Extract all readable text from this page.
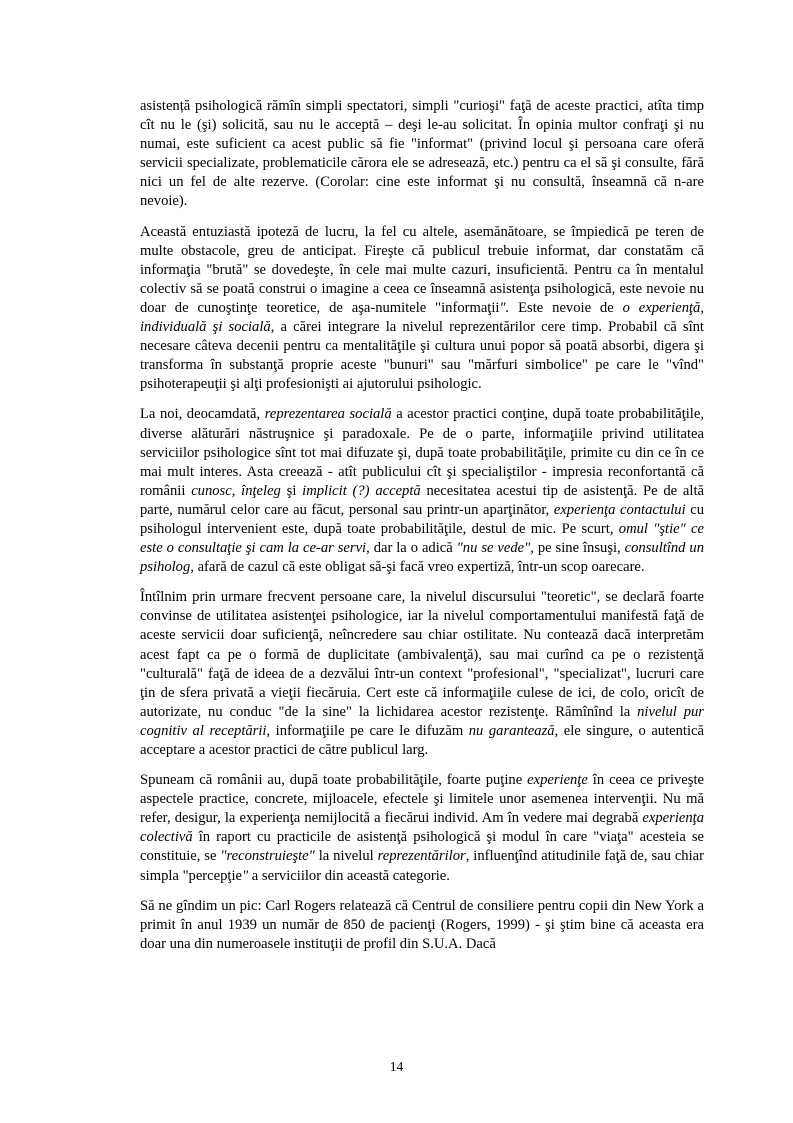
asistență psihologică rămîn simpli spectatori, simpli "curioşi" faţă de aceste practici, atîta timp cît nu le (şi) solicită, sau nu le acceptă – deşi le-au solicitat. În opinia multor confraţi şi nu numai, este suficient ca acest public să fie "informat" (privind locul şi persoana care oferă servicii specializate, problematicile cărora ele se adresează, etc.) pentru ca el să şi consulte, fără nici un fel de alte rezerve. (Corolar: cine este informat şi nu consultă, înseamnă că n-are nevoie).

Această entuziastă ipoteză de lucru, la fel cu altele, asemănătoare, se împiedică pe teren de multe obstacole, greu de anticipat. Fireşte că publicul trebuie informat, dar constatăm că informaţia "brută" se dovedeşte, în cele mai multe cazuri, insuficientă. Pentru ca în mentalul colectiv să se poată construi o imagine a ceea ce înseamnă asistenţa psihologică, este nevoie nu doar de cunoştinţe teoretice, de aşa-numitele "informaţii". Este nevoie de o experienţă, individuală şi socială, a cărei integrare la nivelul reprezentărilor cere timp. Probabil că sînt necesare câteva decenii pentru ca mentalităţile şi cultura unui popor să poată absorbi, digera şi transforma în substanţă proprie aceste "bunuri" sau "mărfuri simbolice" pe care le "vînd" psihoterapeuţii şi alţi profesionişti ai ajutorului psihologic.

La noi, deocamdată, reprezentarea socială a acestor practici conţine, după toate probabilităţile, diverse alăturări năstruşnice şi paradoxale. Pe de o parte, informaţiile privind utilitatea serviciilor psihologice sînt tot mai difuzate şi, după toate probabilităţile, primite cu din ce în ce mai mult interes. Asta creează - atît publicului cît şi specialiştilor - impresia reconfortantă că românii cunosc, înţeleg şi implicit (?) acceptă necesitatea acestui tip de asistenţă. Pe de altă parte, numărul celor care au făcut, personal sau printr-un aparţinător, experienţa contactului cu psihologul intervenient este, după toate probabilităţile, destul de mic. Pe scurt, omul "ştie" ce este o consultaţie şi cam la ce-ar servi, dar la o adică "nu se vede", pe sine însuşi, consultînd un psiholog, afară de cazul că este obligat să-şi facă vreo expertiză, într-un scop oarecare.

Întîlnim prin urmare frecvent persoane care, la nivelul discursului "teoretic", se declară foarte convinse de utilitatea asistenţei psihologice, iar la nivelul comportamentului manifestă faţă de aceste servicii doar suficienţă, neîncredere sau chiar ostilitate. Nu contează dacă interpretăm acest fapt ca pe o formă de duplicitate (ambivalenţă), sau mai curînd ca pe o rezistenţă "culturală" faţă de ideea de a dezvălui într-un context "profesional", "specializat", lucruri care ţin de sfera privată a vieţii fiecăruia. Cert este că informaţiile culese de ici, de colo, oricît de autorizate, nu conduc "de la sine" la lichidarea acestor rezistenţe. Rămînînd la nivelul pur cognitiv al receptării, informaţiile pe care le difuzăm nu garantează, ele singure, o autentică acceptare a acestor practici de către publicul larg.

Spuneam că românii au, după toate probabilităţile, foarte puţine experienţe în ceea ce priveşte aspectele practice, concrete, mijloacele, efectele şi limitele unor asemenea intervenţii. Nu mă refer, desigur, la experienţa nemijlocită a fiecărui individ. Am în vedere mai degrabă experienţa colectivă în raport cu practicile de asistenţă psihologică şi modul în care "viaţa" acesteia se constituie, se "reconstruieşte" la nivelul reprezentărilor, influenţînd atitudinile faţă de, sau chiar simpla "percepţie" a serviciilor din această categorie.

Să ne gîndim un pic: Carl Rogers relatează că Centrul de consiliere pentru copii din New York a primit în anul 1939 un număr de 850 de pacienţi (Rogers, 1999) - şi ştim bine că aceasta era doar una din numeroasele instituţii de profil din S.U.A. Dacă

14
